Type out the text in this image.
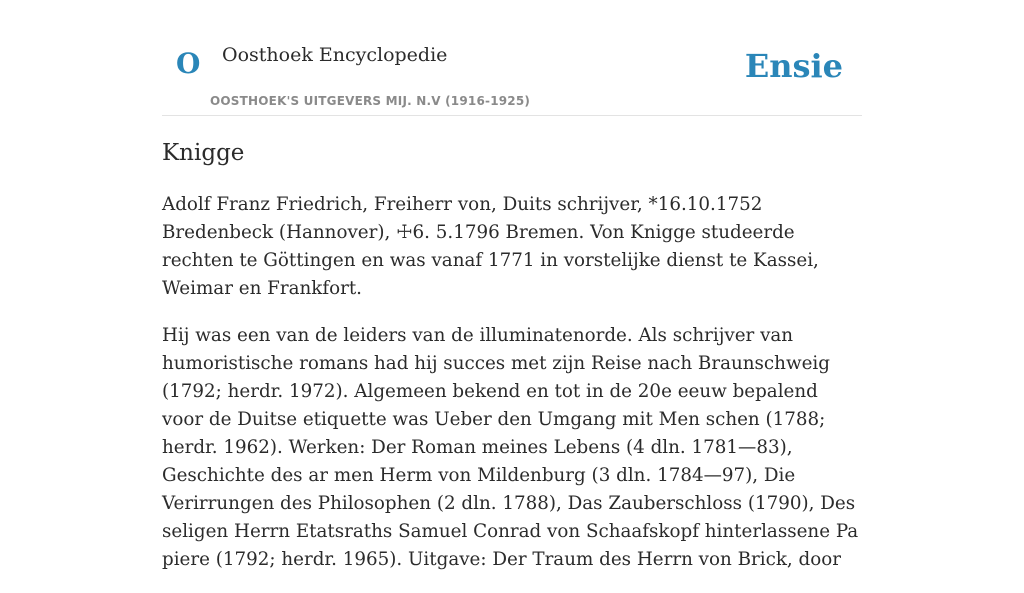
O Oosthoek Encyclopedie
OOSTHOEK'S UITGEVERS MIJ. N.V (1916-1925)
Ensie
Knigge

Adolf Franz Friedrich, Freiherr von, Duits schrijver, *16.10.1752 Bredenbeck (Hannover), ☩6. 5.1796 Bremen. Von Knigge studeerde rechten te Göttingen en was vanaf 1771 in vorstelijke dienst te Kassei, Weimar en Frankfort.

Hij was een van de leiders van de illuminatenorde. Als schrijver van humoristische romans had hij succes met zijn Reise nach Braunschweig (1792; herdr. 1972). Algemeen bekend en tot in de 20e eeuw bepalend voor de Duitse etiquette was Ueber den Umgang mit Men schen (1788; herdr. 1962). Werken: Der Roman meines Lebens (4 dln. 1781—83), Geschichte des ar men Herm von Mildenburg (3 dln. 1784—97), Die Verirrungen des Philosophen (2 dln. 1788), Das Zauberschloss (1790), Des seligen Herrn Etatsraths Samuel Conrad von Schaafskopf hinterlassene Pa piere (1792; herdr. 1965). Uitgave: Der Traum des Herrn von Brick, door
